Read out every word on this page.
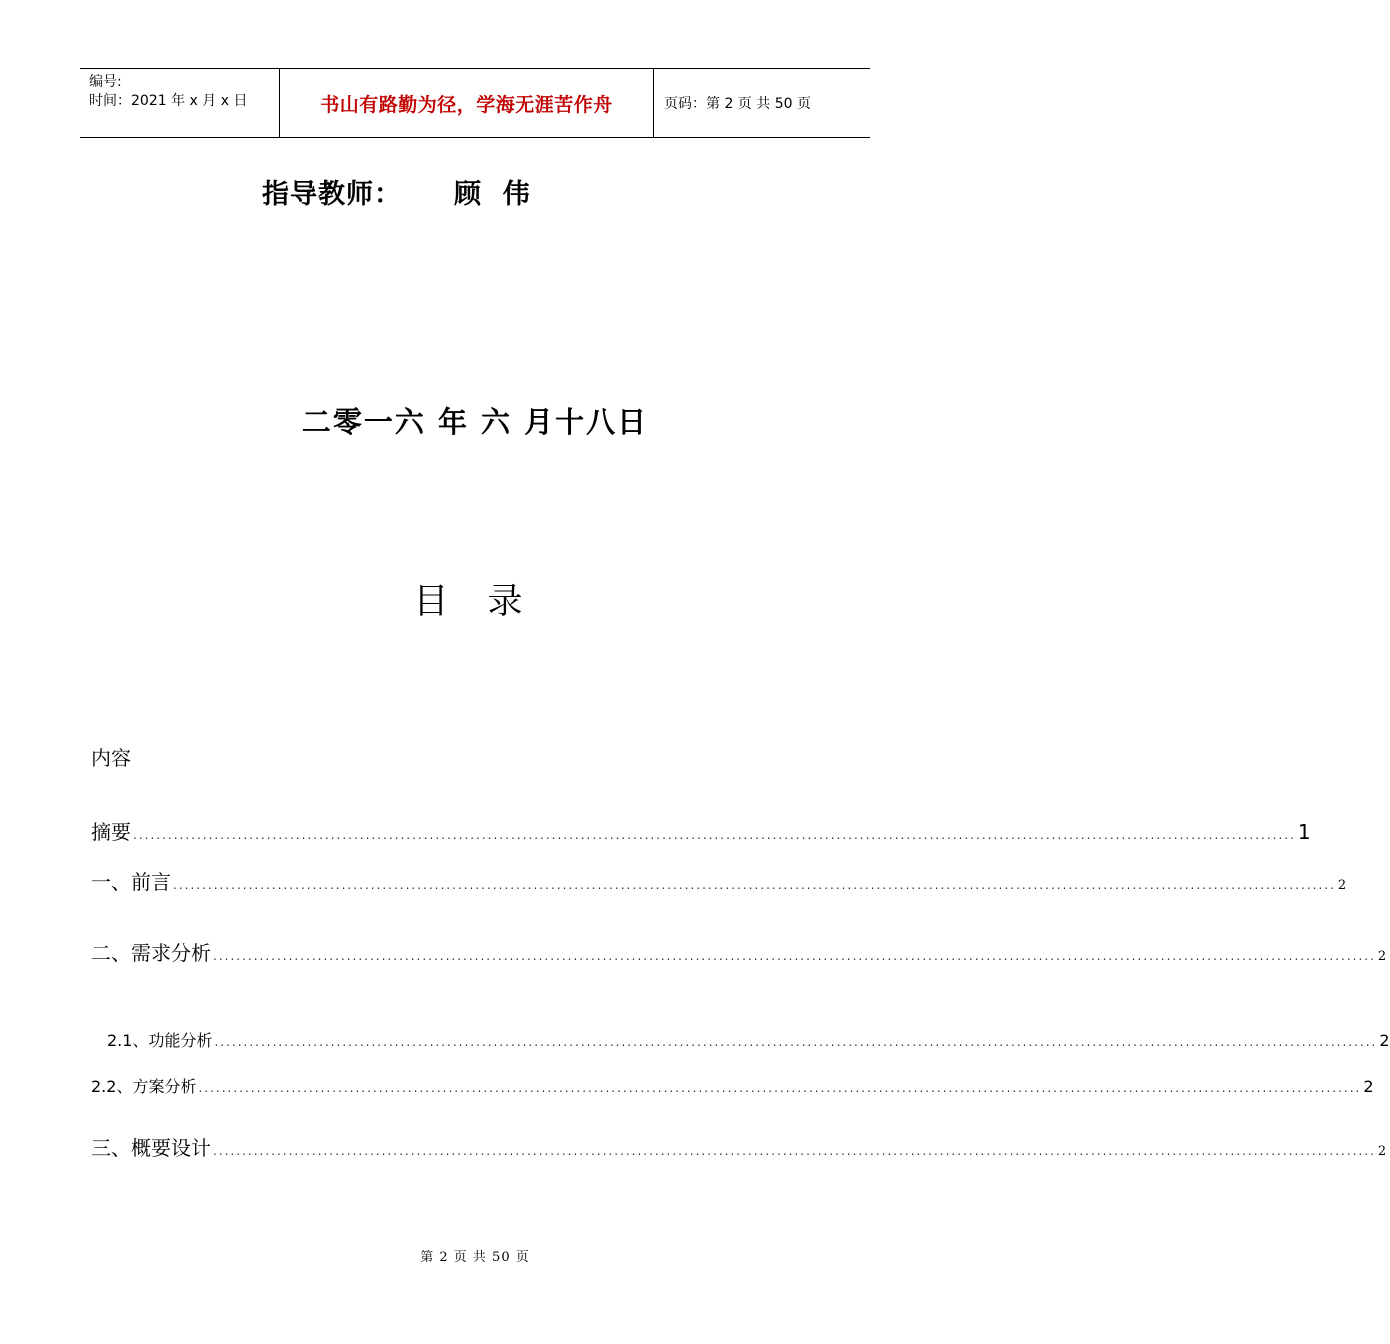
编号:
时间：2021 年 x 月 x 日	书山有路勤为径，学海无涯苦作舟	页码：第 2 页 共 50 页
指导教师：     顾  伟
二零一六 年 六 月十八日
目 录
内容
摘要 ........................................................................................................................................................................................................ 1
一、前言 ........................................................................................................................................................................................................ 2
二、需求分析 ........................................................................................................................................................................................................ 2
2.1、功能分析 ........................................................................................................................................................................................................ 2
2.2、方案分析 ........................................................................................................................................................................................................ 2
三、概要设计 ........................................................................................................................................................................................................ 2
第 2 页 共 50 页
